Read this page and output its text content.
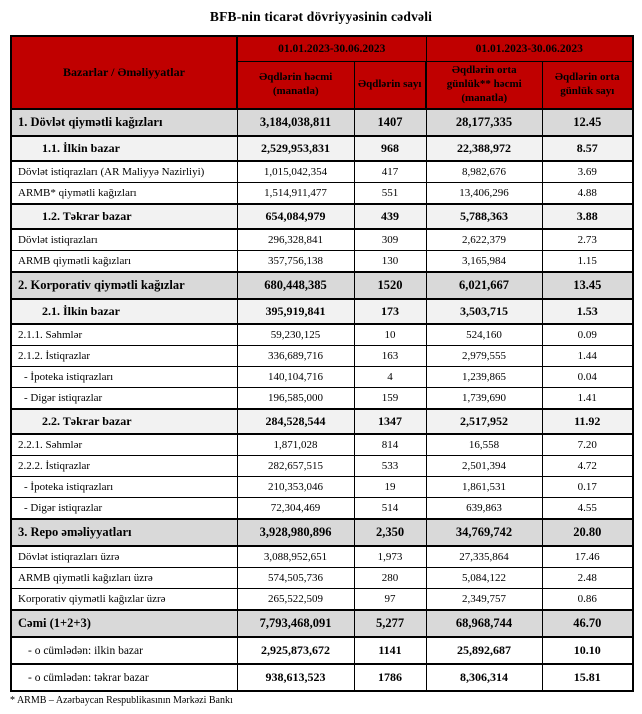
BFB-nin ticarət dövriyyəsinin cədvəli
Bazarlar / Əməliyyatlar	01.01.2023-30.06.2023		01.01.2023-30.06.2023	
	Əqdlərin həcmi (manatla)	Əqdlərin sayı	Əqdlərin orta günlük** həcmi (manatla)	Əqdlərin orta günlük sayı
1. Dövlət qiymətli kağızları	3,184,038,811	1407	28,177,335	12.45
1.1. İlkin bazar	2,529,953,831	968	22,388,972	8.57
Dövlət istiqrazları (AR Maliyyə Nazirliyi)	1,015,042,354	417	8,982,676	3.69
ARMB* qiymətli kağızları	1,514,911,477	551	13,406,296	4.88
1.2. Təkrar bazar	654,084,979	439	5,788,363	3.88
Dövlət istiqrazları	296,328,841	309	2,622,379	2.73
ARMB qiymətli kağızları	357,756,138	130	3,165,984	1.15
2. Korporativ qiymətli kağızlar	680,448,385	1520	6,021,667	13.45
2.1. İlkin bazar	395,919,841	173	3,503,715	1.53
2.1.1. Səhmlər	59,230,125	10	524,160	0.09
2.1.2. İstiqrazlar	336,689,716	163	2,979,555	1.44
- İpoteka istiqrazları	140,104,716	4	1,239,865	0.04
- Digər istiqrazlar	196,585,000	159	1,739,690	1.41
2.2. Təkrar bazar	284,528,544	1347	2,517,952	11.92
2.2.1. Səhmlər	1,871,028	814	16,558	7.20
2.2.2. İstiqrazlar	282,657,515	533	2,501,394	4.72
- İpoteka istiqrazları	210,353,046	19	1,861,531	0.17
- Digər istiqrazlar	72,304,469	514	639,863	4.55
3. Repo əməliyyatları	3,928,980,896	2,350	34,769,742	20.80
Dövlət istiqrazları üzrə	3,088,952,651	1,973	27,335,864	17.46
ARMB qiymətli kağızları üzrə	574,505,736	280	5,084,122	2.48
Korporativ qiymətli kağızlar üzrə	265,522,509	97	2,349,757	0.86
Cəmi (1+2+3)	7,793,468,091	5,277	68,968,744	46.70
- o cümlədən: ilkin bazar	2,925,873,672	1141	25,892,687	10.10
- o cümlədən: təkrar bazar	938,613,523	1786	8,306,314	15.81
* ARMB – Azərbaycan Respublikasının Mərkəzi Bankı
